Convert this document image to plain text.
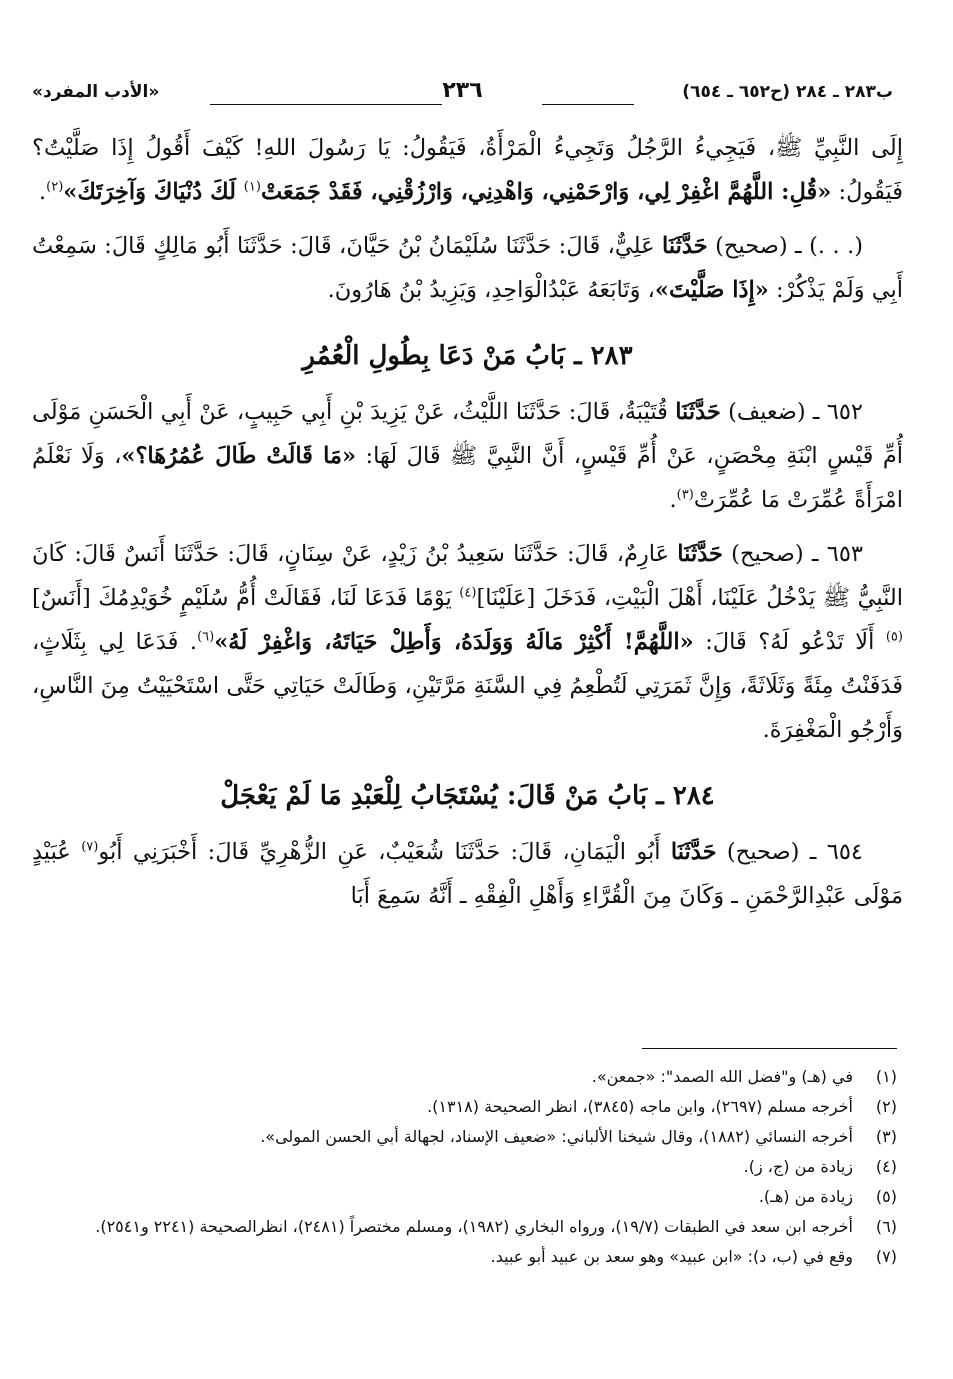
ب٢٨٣ ـ ٢٨٤ (ح٦٥٢ ـ ٦٥٤)
٢٣٦
«الأدب المفرد»

إِلَى النَّبِيِّ ﷺ، فَيَجِيءُ الرَّجُلُ وَتَجِيءُ الْمَرْأَةُ، فَيَقُولُ: يَا رَسُولَ اللهِ! كَيْفَ أَقُولُ إِذَا صَلَّيْتُ؟ فَيَقُولُ: «قُلِ: اللَّهُمَّ اغْفِرْ لِي، وَارْحَمْنِي، وَاهْدِنِي، وَارْزُقْنِي، فَقَدْ جَمَعَتْ$^{(١)}$ لَكَ دُنْيَاكَ وَآخِرَتَكَ»$^{(٢)}$.

(. . .) ـ (صحيح) حَدَّثَنَا عَلِيٌّ، قَالَ: حَدَّثَنَا سُلَيْمَانُ بْنُ حَيَّانَ، قَالَ: حَدَّثَنَا أَبُو مَالِكٍ قَالَ: سَمِعْتُ أَبِي وَلَمْ يَذْكُرْ: «إِذَا صَلَّيْتَ»، وَتَابَعَهُ عَبْدُالْوَاحِدِ، وَيَزِيدُ بْنُ هَارُونَ.

٢٨٣ ـ بَابُ مَنْ دَعَا بِطُولِ الْعُمُرِ

٦٥٢ ـ (ضعيف) حَدَّثَنَا قُتَيْبَةُ، قَالَ: حَدَّثَنَا اللَّيْثُ، عَنْ يَزِيدَ بْنِ أَبِي حَبِيبٍ، عَنْ أَبِي الْحَسَنِ مَوْلَى أُمِّ قَيْسٍ ابْنَةِ مِحْصَنٍ، عَنْ أُمِّ قَيْسٍ، أَنَّ النَّبِيَّ ﷺ قَالَ لَهَا: «مَا قَالَتْ طَالَ عُمُرُهَا؟»، وَلَا نَعْلَمُ امْرَأَةً عُمِّرَتْ مَا عُمِّرَتْ$^{(٣)}$.

٦٥٣ ـ (صحيح) حَدَّثَنَا عَارِمٌ، قَالَ: حَدَّثَنَا سَعِيدُ بْنُ زَيْدٍ، عَنْ سِنَانٍ، قَالَ: حَدَّثَنَا أَنَسٌ قَالَ: كَانَ النَّبِيُّ ﷺ يَدْخُلُ عَلَيْنَا، أَهْلَ الْبَيْتِ، فَدَخَلَ [عَلَيْنَا]$^{(٤)}$ يَوْمًا فَدَعَا لَنَا، فَقَالَتْ أُمُّ سُلَيْمٍ خُوَيْدِمُكَ [أَنَسٌ]$^{(٥)}$ أَلَا تَدْعُو لَهُ؟ قَالَ: «اللَّهُمَّ! أَكْثِرْ مَالَهُ وَوَلَدَهُ، وَأَطِلْ حَيَاتَهُ، وَاغْفِرْ لَهُ»$^{(٦)}$. فَدَعَا لِي بِثَلَاثٍ، فَدَفَنْتُ مِئَةً وَثَلَاثَةً، وَإِنَّ ثَمَرَتِي لَتُطْعِمُ فِي السَّنَةِ مَرَّتَيْنِ، وَطَالَتْ حَيَاتِي حَتَّى اسْتَحْيَيْتُ مِنَ النَّاسِ، وَأَرْجُو الْمَغْفِرَةَ.

٢٨٤ ـ بَابُ مَنْ قَالَ: يُسْتَجَابُ لِلْعَبْدِ مَا لَمْ يَعْجَلْ

٦٥٤ ـ (صحيح) حَدَّثَنَا أَبُو الْيَمَانِ، قَالَ: حَدَّثَنَا شُعَيْبٌ، عَنِ الزُّهْرِيِّ قَالَ: أَخْبَرَنِي أَبُو$^{(٧)}$ عُبَيْدٍ مَوْلَى عَبْدِالرَّحْمَنِ ـ وَكَانَ مِنَ الْقُرَّاءِ وَأَهْلِ الْفِقْهِ ـ أَنَّهُ سَمِعَ أَبَا

(١)
في (هـ) و"فضل الله الصمد": «جمعن».
(٢)
أخرجه مسلم (٢٦٩٧)، وابن ماجه (٣٨٤٥)، انظر الصحيحة (١٣١٨).
(٣)
أخرجه النسائي (١٨٨٢)، وقال شيخنا الألباني: «ضعيف الإسناد، لجهالة أبي الحسن المولى».
(٤)
زيادة من (ج، ز).
(٥)
زيادة من (هـ).
(٦)
أخرجه ابن سعد في الطبقات (١٩/٧)، ورواه البخاري (١٩٨٢)، ومسلم مختصراً (٢٤٨١)، انظرالصحيحة (٢٢٤١ و٢٥٤١).
(٧)
وقع في (ب، د): «ابن عبيد» وهو سعد بن عبيد أبو عبيد.
